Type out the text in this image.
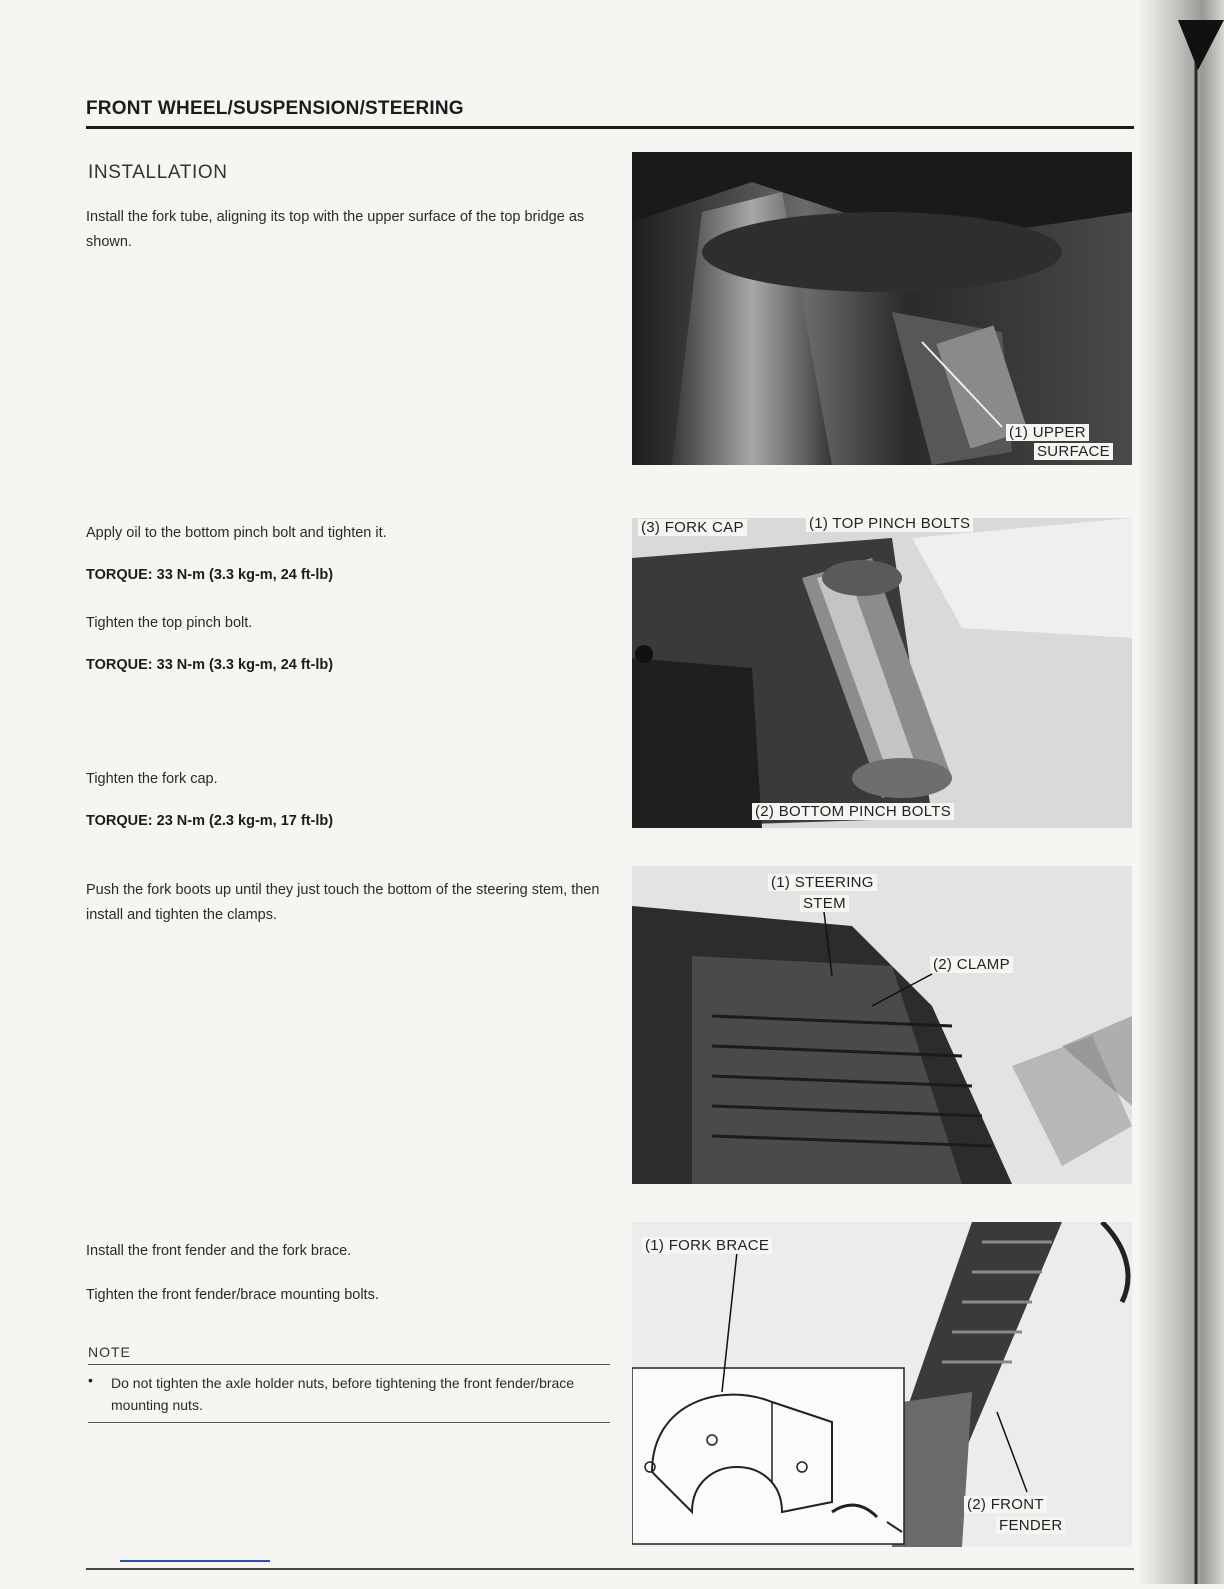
FRONT WHEEL/SUSPENSION/STEERING
INSTALLATION
Install the fork tube, aligning its top with the upper surface of the top bridge as shown.
Apply oil to the bottom pinch bolt and tighten it.
TORQUE: 33 N-m (3.3 kg-m, 24 ft-lb)
Tighten the top pinch bolt.
TORQUE: 33 N-m (3.3 kg-m, 24 ft-lb)
Tighten the fork cap.
TORQUE: 23 N-m (2.3 kg-m, 17 ft-lb)
Push the fork boots up until they just touch the bottom of the steering stem, then install and tighten the clamps.
Install the front fender and the fork brace.
Tighten the front fender/brace mounting bolts.
NOTE
• Do not tighten the axle holder nuts, before tightening the front fender/brace mounting nuts.
(1) UPPER
SURFACE
(3) FORK CAP	(1) TOP PINCH BOLTS
(2) BOTTOM PINCH BOLTS
(1) STEERING
STEM
(2) CLAMP
(1) FORK BRACE
(2) FRONT
FENDER
